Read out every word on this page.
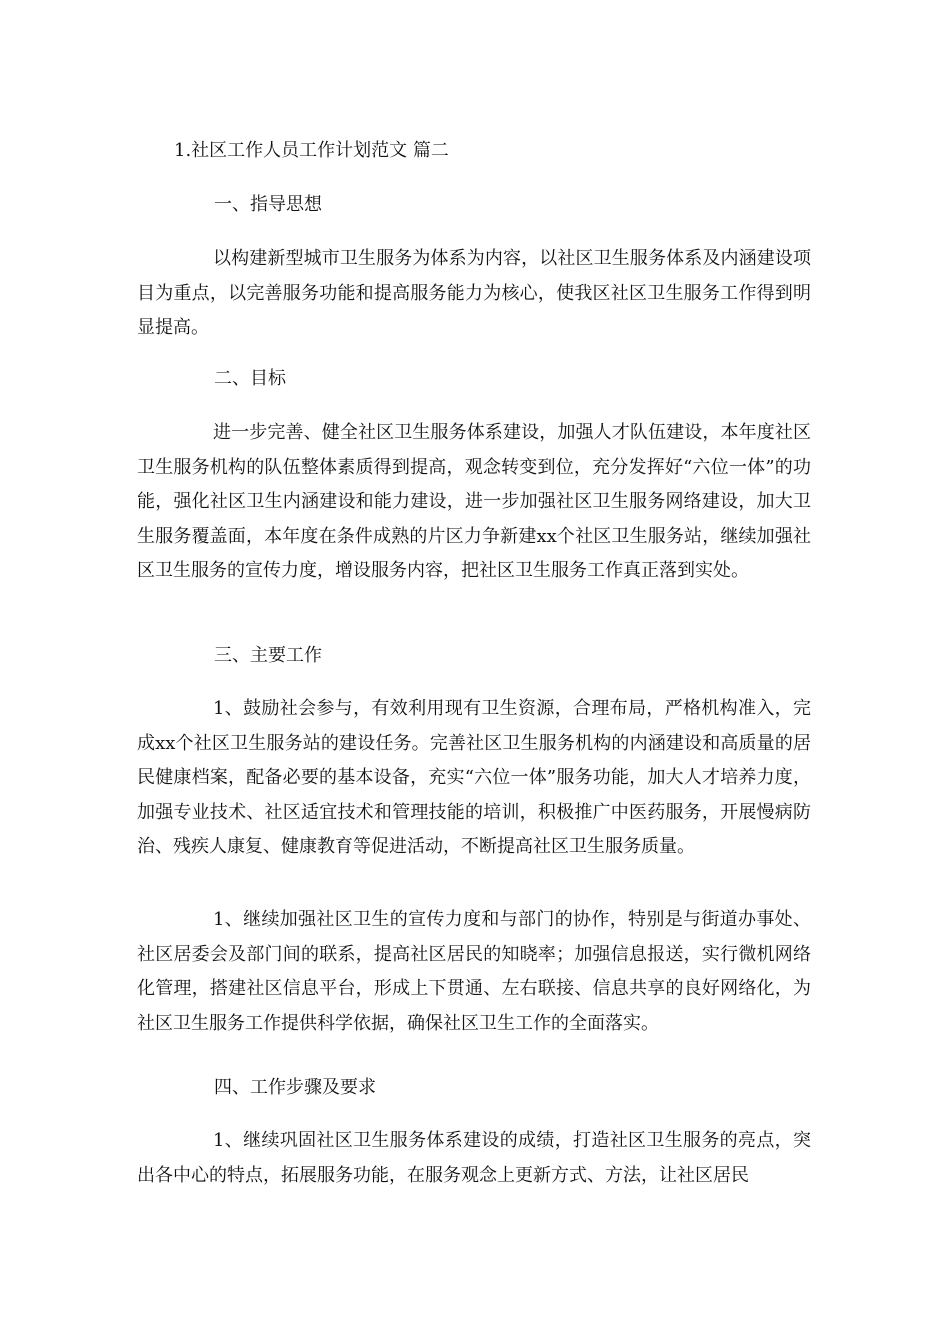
1.社区工作人员工作计划范文 篇二
一、指导思想

以构建新型城市卫生服务为体系为内容，以社区卫生服务体系及内涵建设项目为重点，以完善服务功能和提高服务能力为核心，使我区社区卫生服务工作得到明显提高。

二、目标

进一步完善、健全社区卫生服务体系建设，加强人才队伍建设，本年度社区卫生服务机构的队伍整体素质得到提高，观念转变到位，充分发挥好“六位一体”的功能，强化社区卫生内涵建设和能力建设，进一步加强社区卫生服务网络建设，加大卫生服务覆盖面，本年度在条件成熟的片区力争新建xx个社区卫生服务站，继续加强社区卫生服务的宣传力度，增设服务内容，把社区卫生服务工作真正落到实处。

三、主要工作

1、鼓励社会参与，有效利用现有卫生资源，合理布局，严格机构准入，完成xx个社区卫生服务站的建设任务。完善社区卫生服务机构的内涵建设和高质量的居民健康档案，配备必要的基本设备，充实“六位一体”服务功能，加大人才培养力度，加强专业技术、社区适宜技术和管理技能的培训，积极推广中医药服务，开展慢病防治、残疾人康复、健康教育等促进活动，不断提高社区卫生服务质量。

1、继续加强社区卫生的宣传力度和与部门的协作，特别是与街道办事处、社区居委会及部门间的联系，提高社区居民的知晓率；加强信息报送，实行微机网络化管理，搭建社区信息平台，形成上下贯通、左右联接、信息共享的良好网络化，为社区卫生服务工作提供科学依据，确保社区卫生工作的全面落实。

四、工作步骤及要求

1、继续巩固社区卫生服务体系建设的成绩，打造社区卫生服务的亮点，突出各中心的特点，拓展服务功能，在服务观念上更新方式、方法，让社区居民
